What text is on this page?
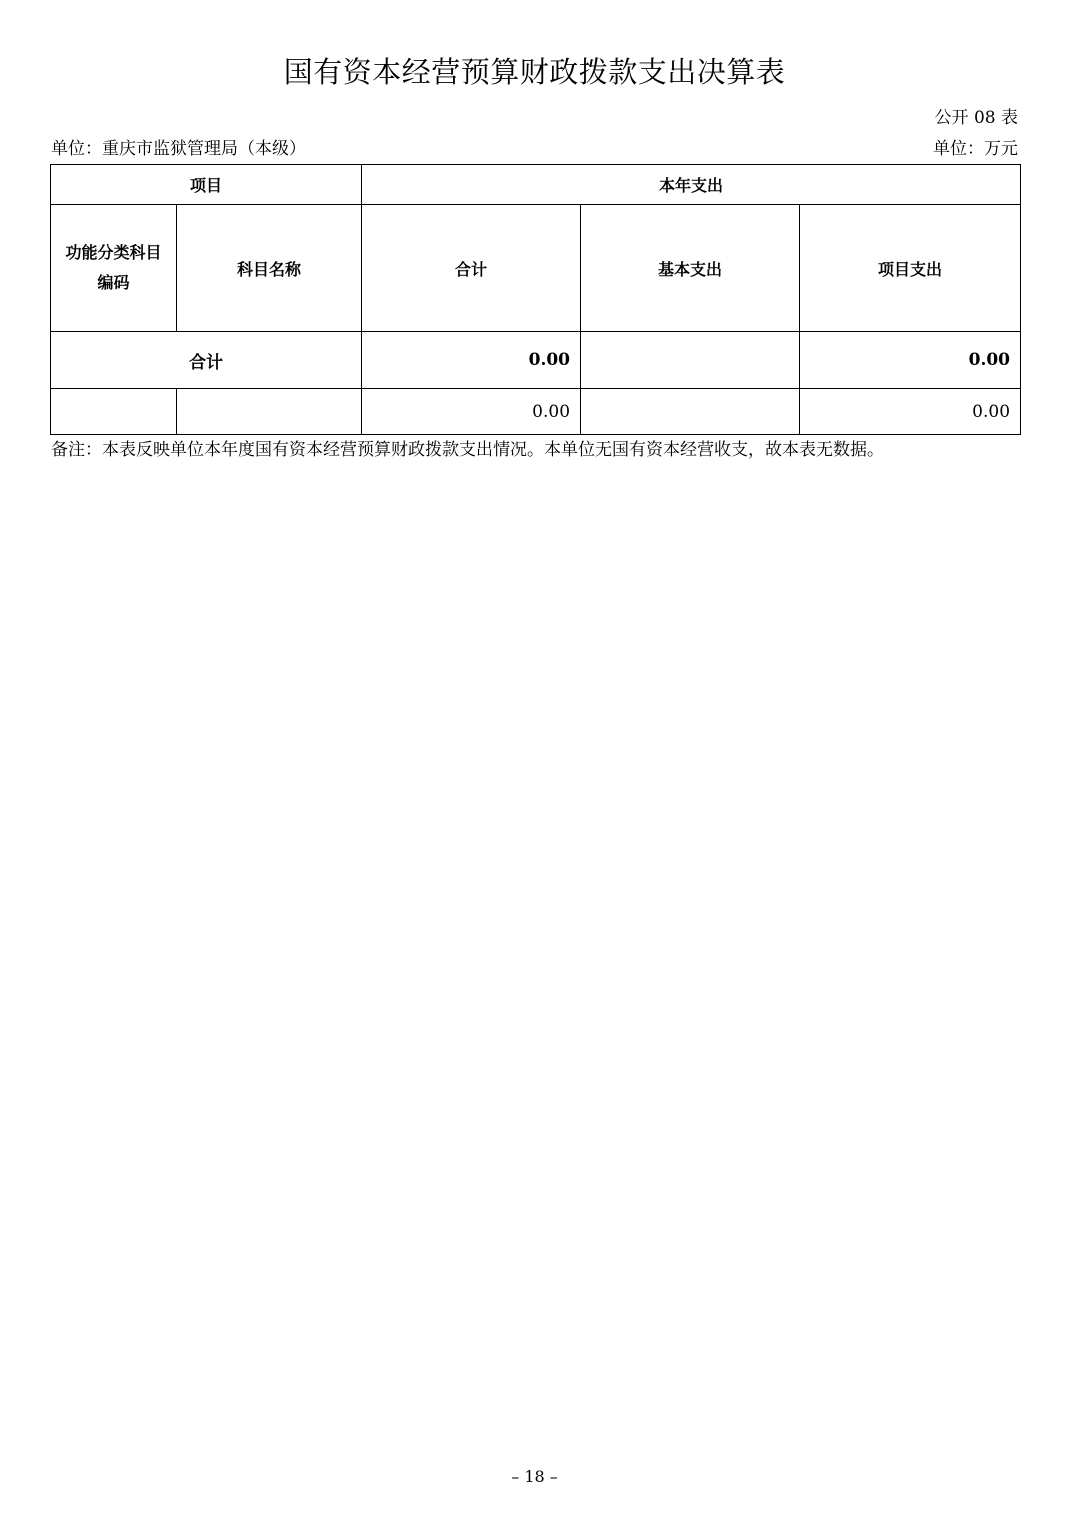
国有资本经营预算财政拨款支出决算表
公开 08 表
单位：重庆市监狱管理局（本级）	单位：万元
项目		本年支出		
功能分类科目
编码	科目名称	合计	基本支出	项目支出
合计		0.00		0.00
		0.00		0.00
备注：本表反映单位本年度国有资本经营预算财政拨款支出情况。本单位无国有资本经营收支，故本表无数据。
– 18 –
